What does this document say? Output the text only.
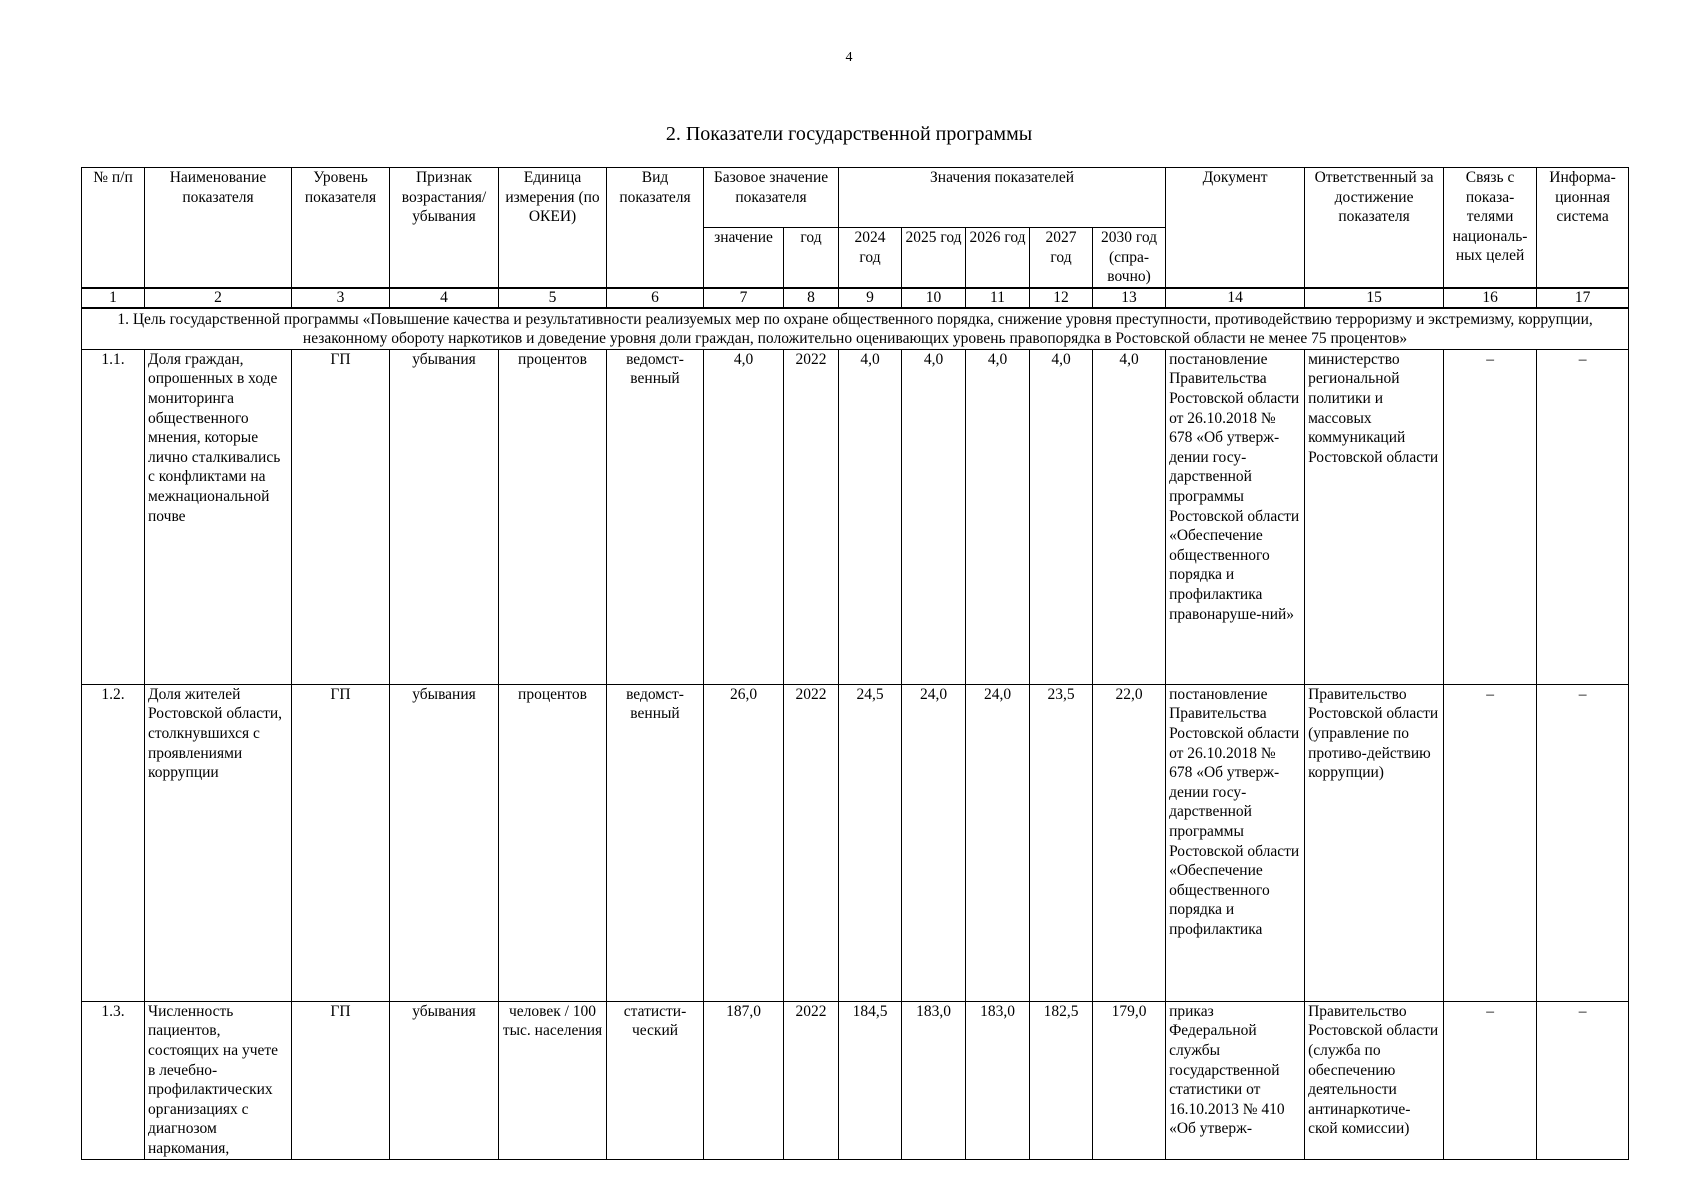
4
2. Показатели государственной программы
№ п/п	Наименование показателя	Уровень показателя	Признак возрастания/ убывания	Единица измерения (по ОКЕИ)	Вид показателя	Базовое значение показателя		Значения показателей					Документ	Ответственный за достижение показателя	Связь с показа-телями националь-ных целей	Информа-ционная система
						значение	год	2024 год	2025 год	2026 год	2027 год	2030 год (спра-вочно)				
1	2	3	4	5	6	7	8	9	10	11	12	13	14	15	16	17
1. Цель государственной программы «Повышение качества и результативности реализуемых мер по охране общественного порядка, снижение уровня преступности, противодействию терроризму и экстремизму, коррупции, незаконному обороту наркотиков и доведение уровня доли граждан, положительно оценивающих уровень правопорядка в Ростовской области не менее 75 процентов»																
1.1.	Доля граждан, опрошенных в ходе мониторинга общественного мнения, которые лично сталкивались с конфликтами на межнациональной почве	ГП	убывания	процентов	ведомст-венный	4,0	2022	4,0	4,0	4,0	4,0	4,0	постановление Правительства Ростовской области от 26.10.2018 № 678 «Об утверж-дении госу-дарственной программы Ростовской области «Обеспечение общественного порядка и профилактика правонаруше-ний»	министерство региональной политики и массовых коммуникаций Ростовской области	–	–
1.2.	Доля жителей Ростовской области, столкнувшихся с проявлениями коррупции	ГП	убывания	процентов	ведомст-венный	26,0	2022	24,5	24,0	24,0	23,5	22,0	постановление Правительства Ростовской области от 26.10.2018 № 678 «Об утверж-дении госу-дарственной программы Ростовской области «Обеспечение общественного порядка и профилактика	Правительство Ростовской области (управление по противо-действию коррупции)	–	–
1.3.	Численность пациентов, состоящих на учете в лечебно-профилактических организациях с диагнозом наркомания,	ГП	убывания	человек / 100 тыс. населения	статисти-ческий	187,0	2022	184,5	183,0	183,0	182,5	179,0	приказ Федеральной службы государственной статистики от 16.10.2013 № 410 «Об утверж-	Правительство Ростовской области (служба по обеспечению деятельности антинаркотиче-ской комиссии)	–	–
